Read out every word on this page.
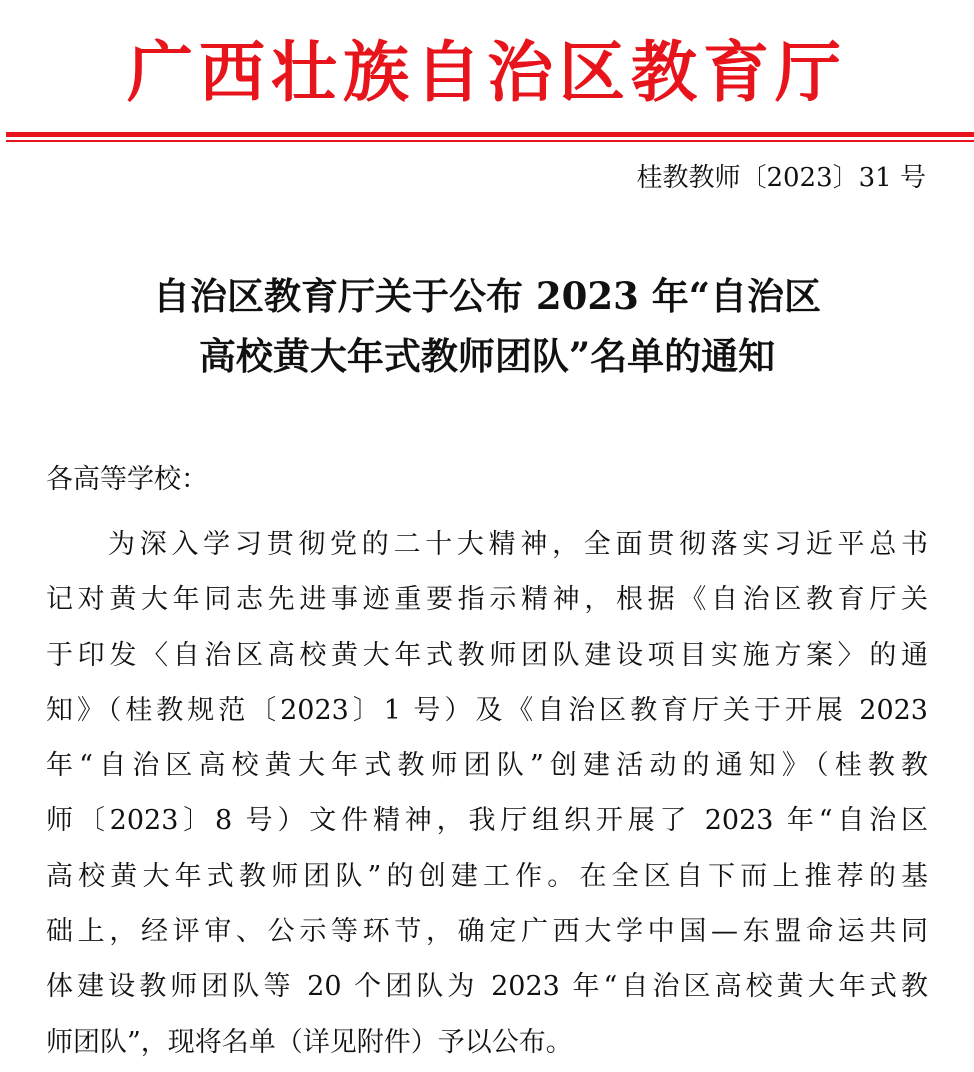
广西壮族自治区教育厅
桂教教师〔2023〕31 号
自治区教育厅关于公布 2023 年“自治区
高校黄大年式教师团队”名单的通知
各高等学校：
为深入学习贯彻党的二十大精神，全面贯彻落实习近平总书
记对黄大年同志先进事迹重要指示精神，根据《自治区教育厅关
于印发〈自治区高校黄大年式教师团队建设项目实施方案〉的通
知》（桂教规范〔2023〕1 号）及《自治区教育厅关于开展 2023
年“自治区高校黄大年式教师团队”创建活动的通知》（桂教教
师〔2023〕8 号）文件精神，我厅组织开展了 2023 年“自治区
高校黄大年式教师团队”的创建工作。在全区自下而上推荐的基
础上，经评审、公示等环节，确定广西大学中国—东盟命运共同
体建设教师团队等 20 个团队为 2023 年“自治区高校黄大年式教
师团队”，现将名单（详见附件）予以公布。
